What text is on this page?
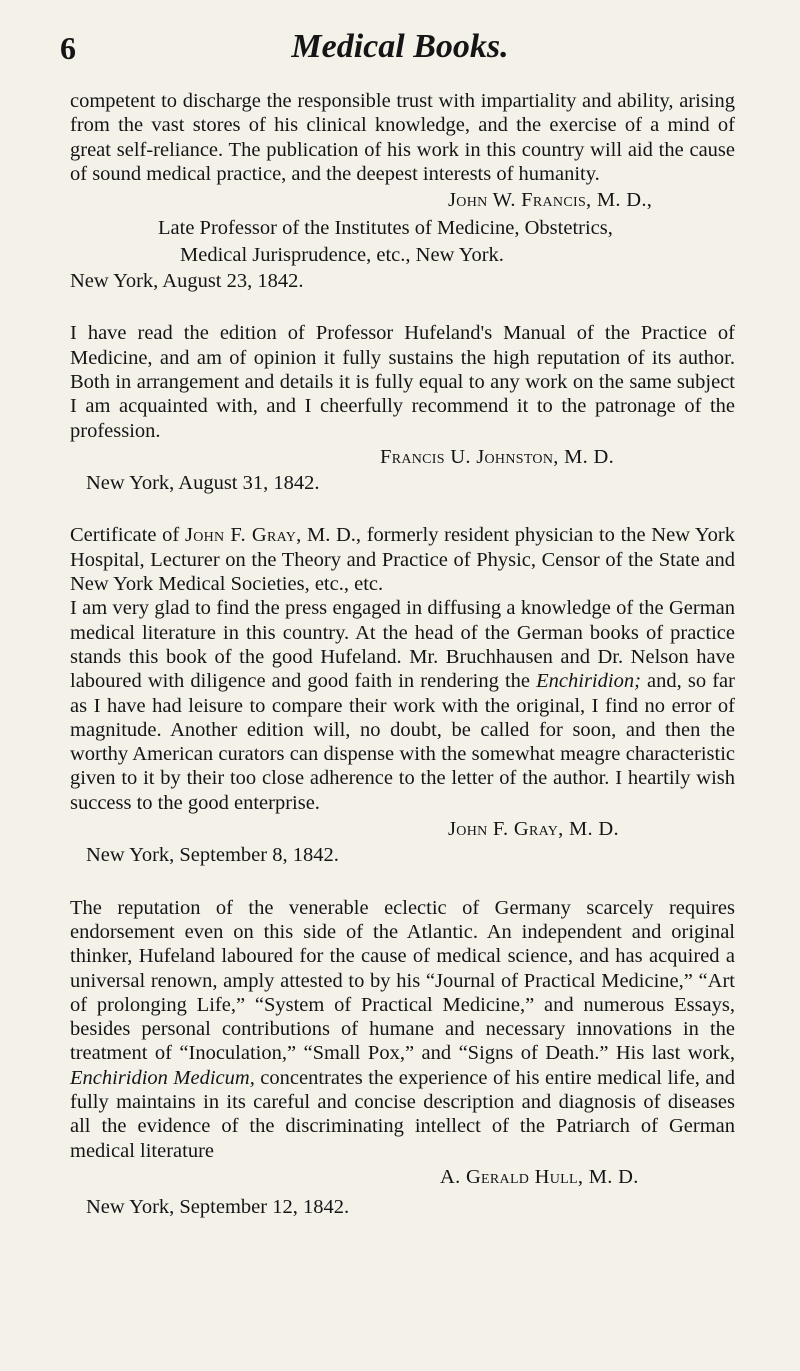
6	Medical Books.

competent to discharge the responsible trust with impartiality and ability, arising from the vast stores of his clinical knowledge, and the exercise of a mind of great self-reliance. The publication of his work in this country will aid the cause of sound medical practice, and the deepest interests of humanity.

John W. Francis, M. D.,
Late Professor of the Institutes of Medicine, Obstetrics,
Medical Jurisprudence, etc., New York.
New York, August 23, 1842.

I have read the edition of Professor Hufeland's Manual of the Practice of Medicine, and am of opinion it fully sustains the high reputation of its author. Both in arrangement and details it is fully equal to any work on the same subject I am acquainted with, and I cheerfully recommend it to the patronage of the profession.

Francis U. Johnston, M. D.
New York, August 31, 1842.

Certificate of John F. Gray, M. D., formerly resident physician to the New York Hospital, Lecturer on the Theory and Practice of Physic, Censor of the State and New York Medical Societies, etc., etc.

I am very glad to find the press engaged in diffusing a knowledge of the German medical literature in this country. At the head of the German books of practice stands this book of the good Hufeland. Mr. Bruchhausen and Dr. Nelson have laboured with diligence and good faith in rendering the Enchiridion; and, so far as I have had leisure to compare their work with the original, I find no error of magnitude. Another edition will, no doubt, be called for soon, and then the worthy American curators can dispense with the somewhat meagre characteristic given to it by their too close adherence to the letter of the author. I heartily wish success to the good enterprise.

John F. Gray, M. D.
New York, September 8, 1842.

The reputation of the venerable eclectic of Germany scarcely requires endorsement even on this side of the Atlantic. An independent and original thinker, Hufeland laboured for the cause of medical science, and has acquired a universal renown, amply attested to by his “Journal of Practical Medicine,” “Art of prolonging Life,” “System of Practical Medicine,” and numerous Essays, besides personal contributions of humane and necessary innovations in the treatment of “Inoculation,” “Small Pox,” and “Signs of Death.” His last work, Enchiridion Medicum, concentrates the experience of his entire medical life, and fully maintains in its careful and concise description and diagnosis of diseases all the evidence of the discriminating intellect of the Patriarch of German medical literature

A. Gerald Hull, M. D.
New York, September 12, 1842.
